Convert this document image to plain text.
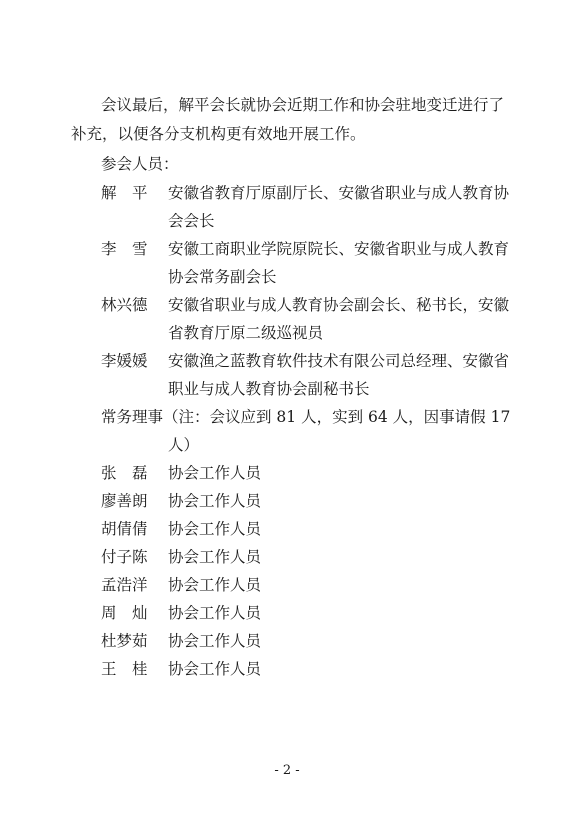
会议最后，解平会长就协会近期工作和协会驻地变迁进行了
补充，以便各分支机构更有效地开展工作。
参会人员：
解　平 安徽省教育厅原副厅长、安徽省职业与成人教育协
会会长
李　雪 安徽工商职业学院原院长、安徽省职业与成人教育
协会常务副会长
林兴德 安徽省职业与成人教育协会副会长、秘书长，安徽
省教育厅原二级巡视员
李媛媛 安徽渔之蓝教育软件技术有限公司总经理、安徽省
职业与成人教育协会副秘书长
常务理事（注：会议应到 81 人，实到 64 人，因事请假 17
人）
张　磊 协会工作人员
廖善朗 协会工作人员
胡倩倩 协会工作人员
付子陈 协会工作人员
孟浩洋 协会工作人员
周　灿 协会工作人员
杜梦茹 协会工作人员
王　桂 协会工作人员
- 2 -
